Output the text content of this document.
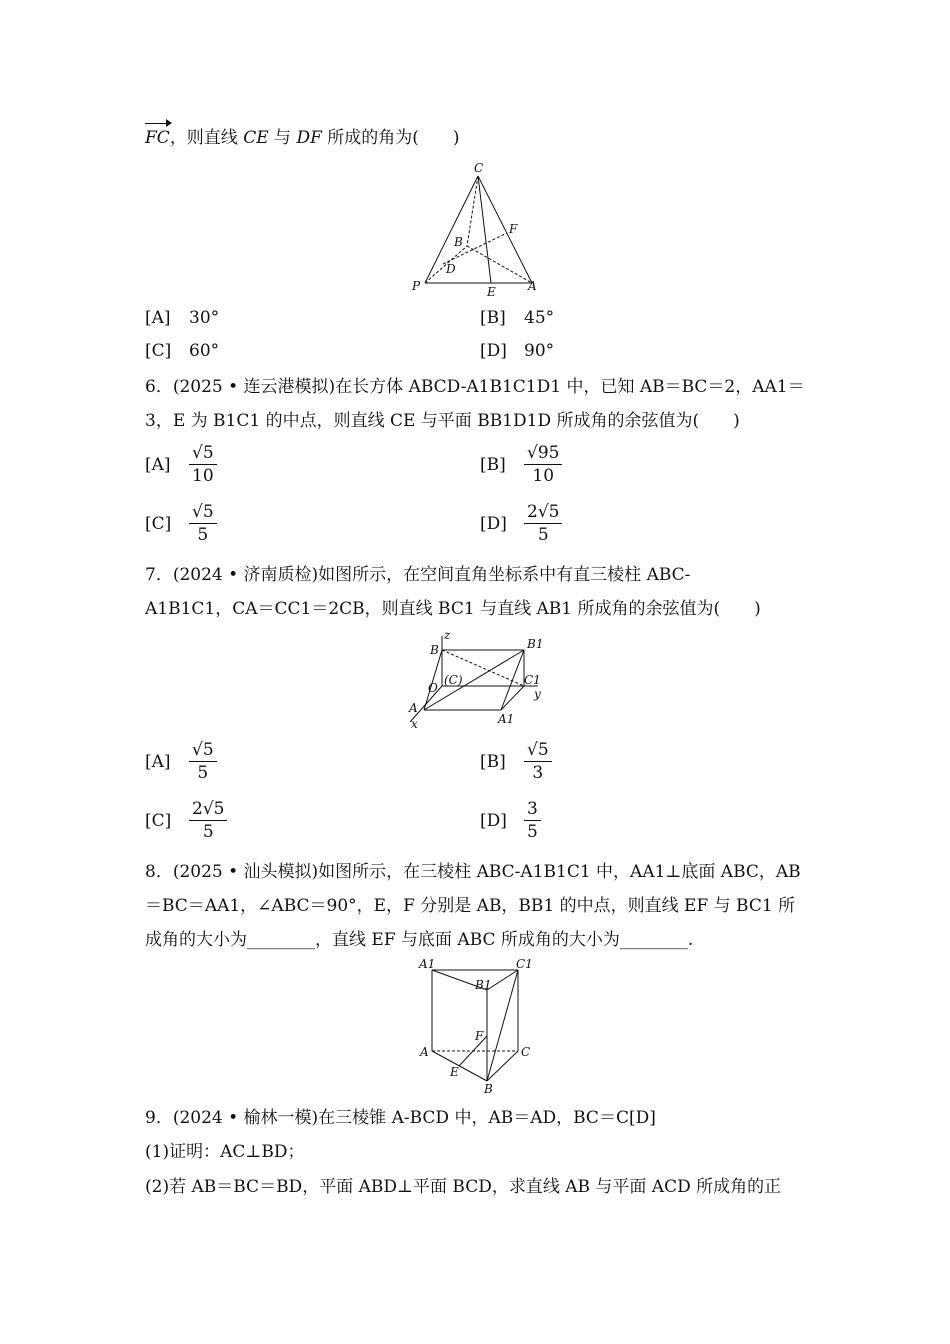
FC，则直线 CE 与 DF 所成的角为(　　)
C
B
F
D
P	E	A
[A]	30°	[B]	45°
[C]	60°	[D]	90°
6．(2025 • 连云港模拟)在长方体 ABCD-A1B1C1D1 中，已知 AB＝BC＝2，AA1＝
3，E 为 B1C1 的中点，则直线 CE 与平面 BB1D1D 所成角的余弦值为(　　)
[A]	$\frac{√5}{10}$	[B]	$\frac{√95}{10}$
[C]	$\frac{√5}{5}$	[D]	$\frac{2√5}{5}$
7．(2024 • 济南质检)如图所示，在空间直角坐标系中有直三棱柱 ABC-
A1B1C1，CA＝CC1＝2CB，则直线 BC1 与直线 AB1 所成角的余弦值为(　　)
z
B	B1
O
(C)	C1
y
A
A1
x
[A]	$\frac{√5}{5}$	[B]	$\frac{√5}{3}$
[C]	$\frac{2√5}{5}$	[D]	$\frac{3}{5}$
8．(2025 • 汕头模拟)如图所示，在三棱柱 ABC-A1B1C1 中，AA1⊥底面 ABC，AB
＝BC＝AA1，∠ABC＝90°，E，F 分别是 AB，BB1 的中点，则直线 EF 与 BC1 所
成角的大小为________，直线 EF 与底面 ABC 所成角的大小为________.
A1	C1
B1
F
A	C
E
B
9．(2024 • 榆林一模)在三棱锥 A-BCD 中，AB＝AD，BC＝C[D]
(1)证明：AC⊥BD；
(2)若 AB＝BC＝BD，平面 ABD⊥平面 BCD，求直线 AB 与平面 ACD 所成角的正
